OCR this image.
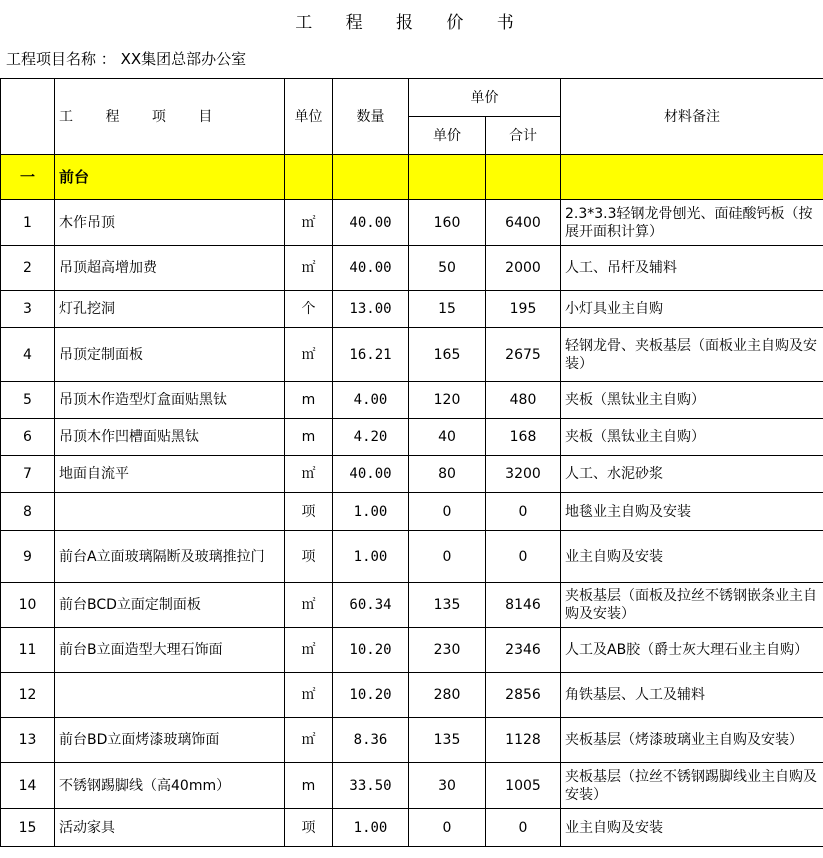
工 程 报 价 书
工程项目名称 ： XX集团总部办公室
	工 程 项 目	单位	数量	单价		材料备注
				单价	合计	
一	前台					
1	木作吊顶	㎡	40.00	160	6400	2.3*3.3轻钢龙骨刨光、面硅酸钙板（按展开面积计算）
2	吊顶超高增加费	㎡	40.00	50	2000	人工、吊杆及辅料
3	灯孔挖洞	个	13.00	15	195	小灯具业主自购
4	吊顶定制面板	㎡	16.21	165	2675	轻钢龙骨、夹板基层（面板业主自购及安装）
5	吊顶木作造型灯盒面贴黑钛	m	4.00	120	480	夹板（黑钛业主自购）
6	吊顶木作凹槽面贴黑钛	m	4.20	40	168	夹板（黑钛业主自购）
7	地面自流平	㎡	40.00	80	3200	人工、水泥砂浆
8		项	1.00	0	0	地毯业主自购及安装
9	前台A立面玻璃隔断及玻璃推拉门	项	1.00	0	0	业主自购及安装
10	前台BCD立面定制面板	㎡	60.34	135	8146	夹板基层（面板及拉丝不锈钢嵌条业主自购及安装）
11	前台B立面造型大理石饰面	㎡	10.20	230	2346	人工及AB胶（爵士灰大理石业主自购）
12		㎡	10.20	280	2856	角铁基层、人工及辅料
13	前台BD立面烤漆玻璃饰面	㎡	8.36	135	1128	夹板基层（烤漆玻璃业主自购及安装）
14	不锈钢踢脚线（高40mm）	m	33.50	30	1005	夹板基层（拉丝不锈钢踢脚线业主自购及安装）
15	活动家具	项	1.00	0	0	业主自购及安装
